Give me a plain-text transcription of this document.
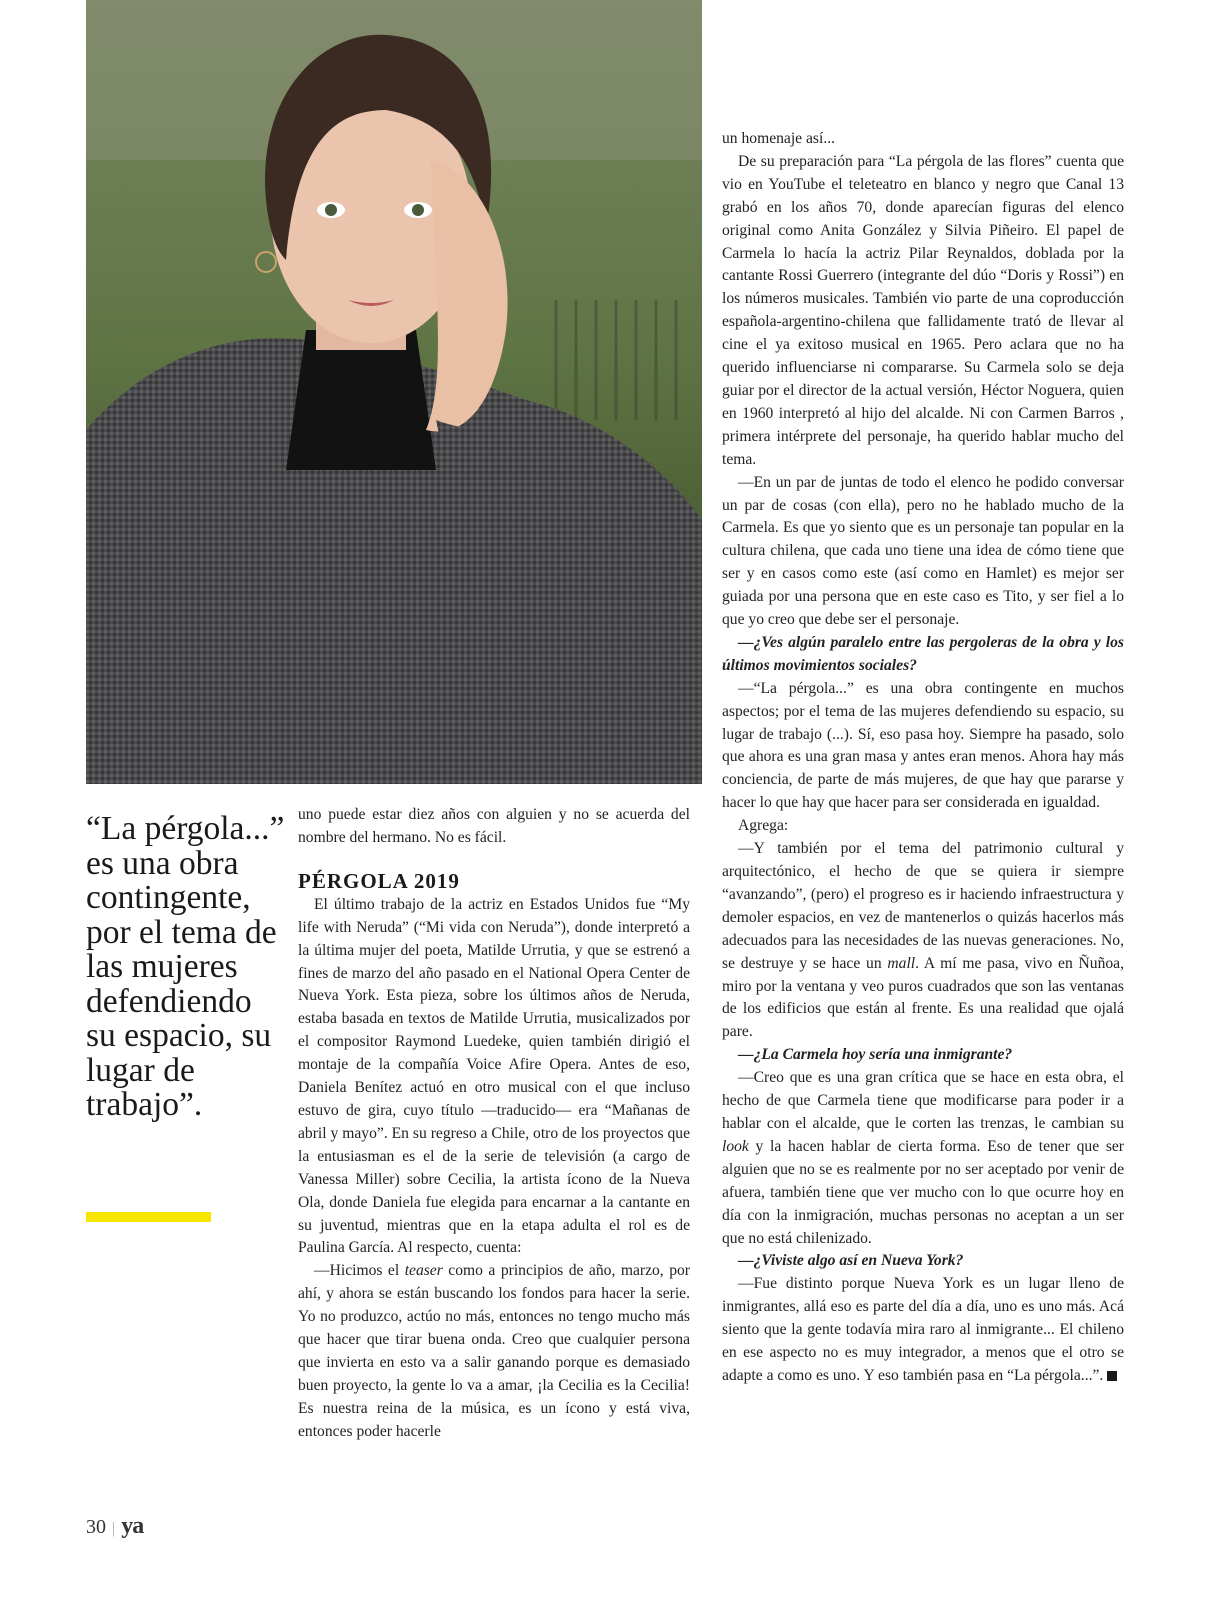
“La pérgola...” es una obra contingente, por el tema de las mujeres defendiendo su espacio, su lugar de trabajo”.

uno puede estar diez años con alguien y no se acuerda del nombre del hermano. No es fácil.

PÉRGOLA 2019

El último trabajo de la actriz en Estados Unidos fue “My life with Neruda” (“Mi vida con Neruda”), donde interpretó a la última mujer del poeta, Matilde Urrutia, y que se estrenó a fines de marzo del año pasado en el National Opera Center de Nueva York. Esta pieza, sobre los últimos años de Neruda, estaba basada en textos de Matilde Urrutia, musicalizados por el compositor Raymond Luedeke, quien también dirigió el montaje de la compañía Voice Afire Opera. Antes de eso, Daniela Benítez actuó en otro musical con el que incluso estuvo de gira, cuyo título —traducido— era “Mañanas de abril y mayo”. En su regreso a Chile, otro de los proyectos que la entusiasman es el de la serie de televisión (a cargo de Vanessa Miller) sobre Cecilia, la artista ícono de la Nueva Ola, donde Daniela fue elegida para encarnar a la cantante en su juventud, mientras que en la etapa adulta el rol es de Paulina García. Al respecto, cuenta:

—Hicimos el teaser como a principios de año, marzo, por ahí, y ahora se están buscando los fondos para hacer la serie. Yo no produzco, actúo no más, entonces no tengo mucho más que hacer que tirar buena onda. Creo que cualquier persona que invierta en esto va a salir ganando porque es demasiado buen proyecto, la gente lo va a amar, ¡la Cecilia es la Cecilia! Es nuestra reina de la música, es un ícono y está viva, entonces poder hacerle

un homenaje así...

De su preparación para “La pérgola de las flores” cuenta que vio en YouTube el teleteatro en blanco y negro que Canal 13 grabó en los años 70, donde aparecían figuras del elenco original como Anita González y Silvia Piñeiro. El papel de Carmela lo hacía la actriz Pilar Reynaldos, doblada por la cantante Rossi Guerrero (integrante del dúo “Doris y Rossi”) en los números musicales. También vio parte de una coproducción española-argentino-chilena que fallidamente trató de llevar al cine el ya exitoso musical en 1965. Pero aclara que no ha querido influenciarse ni compararse. Su Carmela solo se deja guiar por el director de la actual versión, Héctor Noguera, quien en 1960 interpretó al hijo del alcalde. Ni con Carmen Barros , primera intérprete del personaje, ha querido hablar mucho del tema.

—En un par de juntas de todo el elenco he podido conversar un par de cosas (con ella), pero no he hablado mucho de la Carmela. Es que yo siento que es un personaje tan popular en la cultura chilena, que cada uno tiene una idea de cómo tiene que ser y en casos como este (así como en Hamlet) es mejor ser guiada por una persona que en este caso es Tito, y ser fiel a lo que yo creo que debe ser el personaje.

—¿Ves algún paralelo entre las pergoleras de la obra y los últimos movimientos sociales?

—“La pérgola...” es una obra contingente en muchos aspectos; por el tema de las mujeres defendiendo su espacio, su lugar de trabajo (...). Sí, eso pasa hoy. Siempre ha pasado, solo que ahora es una gran masa y antes eran menos. Ahora hay más conciencia, de parte de más mujeres, de que hay que pararse y hacer lo que hay que hacer para ser considerada en igualdad.

Agrega:

—Y también por el tema del patrimonio cultural y arquitectónico, el hecho de que se quiera ir siempre “avanzando”, (pero) el progreso es ir haciendo infraestructura y demoler espacios, en vez de mantenerlos o quizás hacerlos más adecuados para las necesidades de las nuevas generaciones. No, se destruye y se hace un mall. A mí me pasa, vivo en Ñuñoa, miro por la ventana y veo puros cuadrados que son las ventanas de los edificios que están al frente. Es una realidad que ojalá pare.

—¿La Carmela hoy sería una inmigrante?

—Creo que es una gran crítica que se hace en esta obra, el hecho de que Carmela tiene que modificarse para poder ir a hablar con el alcalde, que le corten las trenzas, le cambian su look y la hacen hablar de cierta forma. Eso de tener que ser alguien que no se es realmente por no ser aceptado por venir de afuera, también tiene que ver mucho con lo que ocurre hoy en día con la inmigración, muchas personas no aceptan a un ser que no está chilenizado.

—¿Viviste algo así en Nueva York?

—Fue distinto porque Nueva York es un lugar lleno de inmigrantes, allá eso es parte del día a día, uno es uno más. Acá siento que la gente todavía mira raro al inmigrante... El chileno en ese aspecto no es muy integrador, a menos que el otro se adapte a como es uno. Y eso también pasa en “La pérgola...”.

30 | ya
